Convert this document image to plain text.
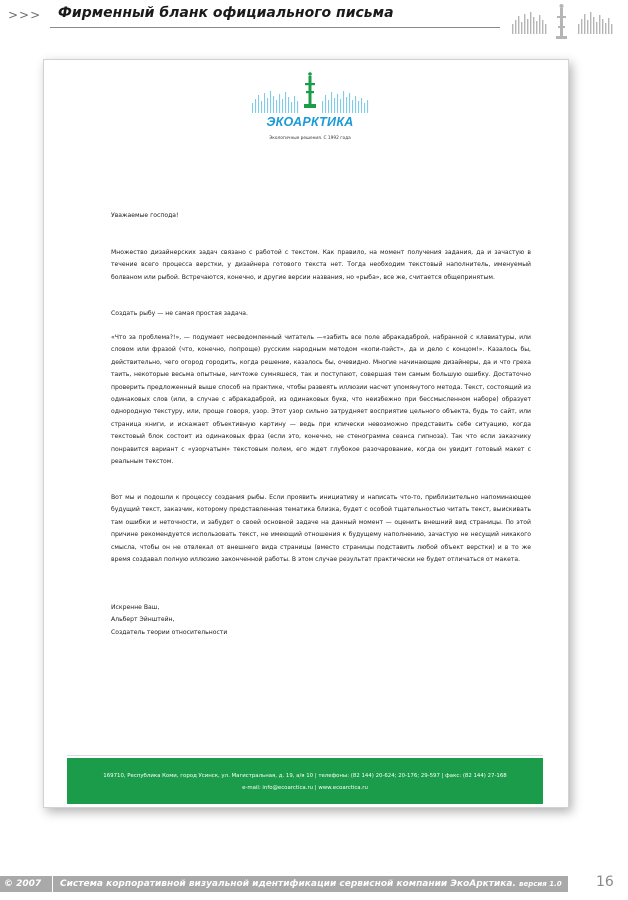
>>> Фирменный бланк официального письма
ЭКОАРКТИКА
Экологичные решения. С 1992 года

Уважаемые господа!

Множество дизайнерских задач связано с работой с текстом. Как правило, на момент получения задания, да и зачастую в течение всего процесса верстки, у дизайнера готового текста нет. Тогда необходим текстовый наполнитель, именуемый болваном или рыбой. Встречаются, конечно, и другие версии названия, но «рыба», все же, считается общепринятым.

Создать рыбу — не самая простая задача.

«Что за проблема?!», — подумает несведомленный читатель —«забить все поле абракадаброй, набранной с клавиатуры, или словом или фразой (что, конечно, попроще) русским народным методом «копи-пэйст», да и дело с концом!». Казалось бы, действительно, чего огород городить, когда решение, казалось бы, очевидно. Многие начинающие дизайнеры, да и что греха таить, некоторые весьма опытные, ничтоже сумняшеся, так и поступают, совершая тем самым большую ошибку. Достаточно проверить предложенный выше способ на практике, чтобы развеять иллюзии насчет упомянутого метода. Текст, состоящий из одинаковых слов (или, в случае с абракадаброй, из одинаковых букв, что неизбежно при бессмысленном наборе) образует однородную текстуру, или, проще говоря, узор. Этот узор сильно затрудняет восприятие цельного объекта, будь то сайт, или страница книги, и искажает объективную картину — ведь при кпически невозможно представить себе ситуацию, когда текстовый блок состоит из одинаковых фраз (если это, конечно, не стенограмма сеанса гипноза). Так что если заказчику понравится вариант с «узорчатым» текстовым полем, его ждет глубокое разочарование, когда он увидит готовый макет с реальным текстом.

Вот мы и подошли к процессу создания рыбы. Если проявить инициативу и написать что-то, приблизительно напоминающее будущий текст, заказчик, которому представленная тематика близка, будет с особой тщательностью читать текст, выискивать там ошибки и неточности, и забудет о своей основной задаче на данный момент — оценить внешний вид страницы. По этой причине рекомендуется использовать текст, не имеющий отношения к будущему наполнению, зачастую не несущий никакого смысла, чтобы он не отвлекал от внешнего вида страницы (вместо страницы подставить любой объект верстки) и в то же время создавал полную иллюзию законченной работы. В этом случае результат практически не будет отличаться от макета.

Искренне Ваш,
Альберт Эйнштейн,
Создатель теории относительности
169710, Республика Коми, город Усинск, ул. Магистральная, д. 19, а/я 10 | телефоны: (82 144) 20-624; 20-176; 29-597 | факс: (82 144) 27-168
e-mail: info@ecoarctica.ru | www.ecoarctica.ru
© 2007 Система корпоративной визуальной идентификации сервисной компании ЭкоАрктика. версия 1.0 >>> 16
